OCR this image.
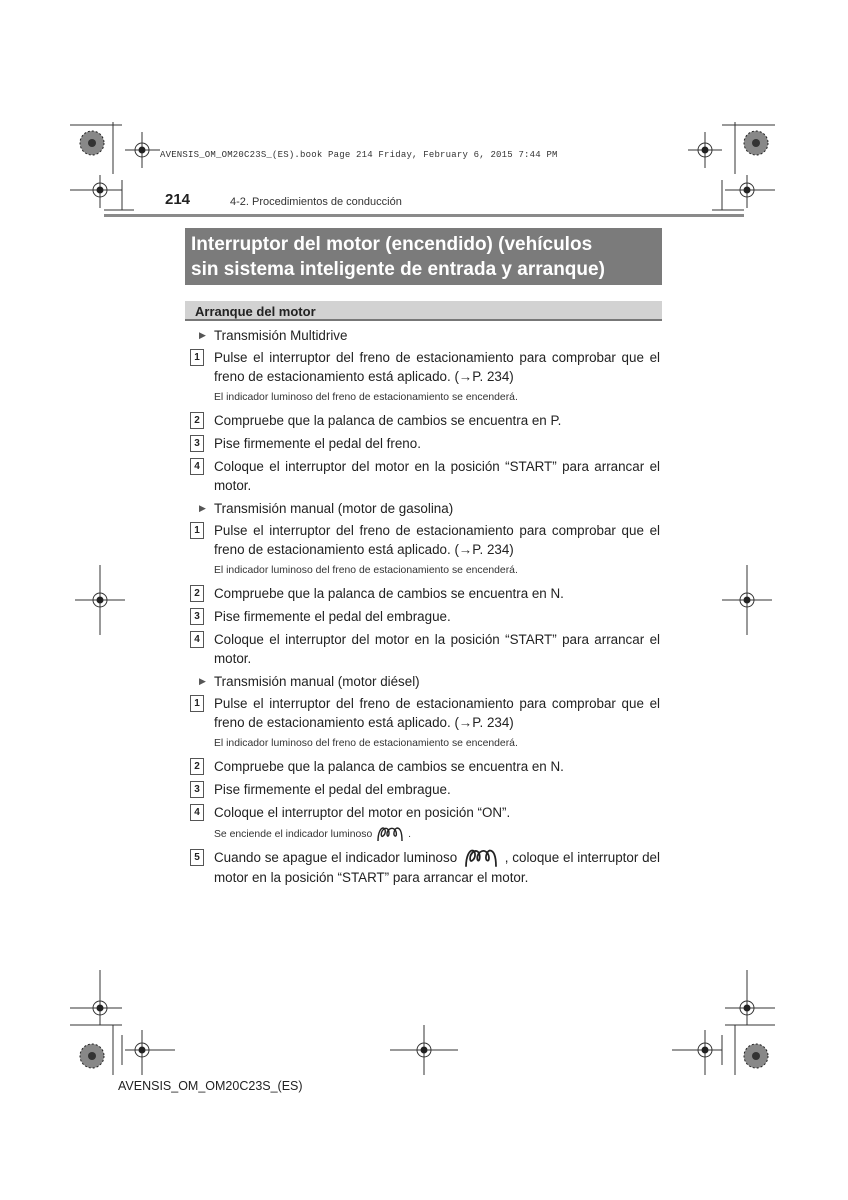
AVENSIS_OM_OM20C23S_(ES).book Page 214 Friday, February 6, 2015 7:44 PM
214	4-2. Procedimientos de conducción
Interruptor del motor (encendido) (vehículos
sin sistema inteligente de entrada y arranque)
Arranque del motor
▶ Transmisión Multidrive
1	Pulse el interruptor del freno de estacionamiento para comprobar que el freno de estacionamiento está aplicado. (→P. 234)
El indicador luminoso del freno de estacionamiento se encenderá.
2	Compruebe que la palanca de cambios se encuentra en P.
3	Pise firmemente el pedal del freno.
4	Coloque el interruptor del motor en la posición “START” para arrancar el motor.
▶ Transmisión manual (motor de gasolina)
1	Pulse el interruptor del freno de estacionamiento para comprobar que el freno de estacionamiento está aplicado. (→P. 234)
El indicador luminoso del freno de estacionamiento se encenderá.
2	Compruebe que la palanca de cambios se encuentra en N.
3	Pise firmemente el pedal del embrague.
4	Coloque el interruptor del motor en la posición “START” para arrancar el motor.
▶ Transmisión manual (motor diésel)
1	Pulse el interruptor del freno de estacionamiento para comprobar que el freno de estacionamiento está aplicado. (→P. 234)
El indicador luminoso del freno de estacionamiento se encenderá.
2	Compruebe que la palanca de cambios se encuentra en N.
3	Pise firmemente el pedal del embrague.
4	Coloque el interruptor del motor en posición “ON”.
Se enciende el indicador luminoso	.
5	Cuando se apague el indicador luminoso	, coloque el interruptor del motor en la posición “START” para arrancar el motor.
AVENSIS_OM_OM20C23S_(ES)
